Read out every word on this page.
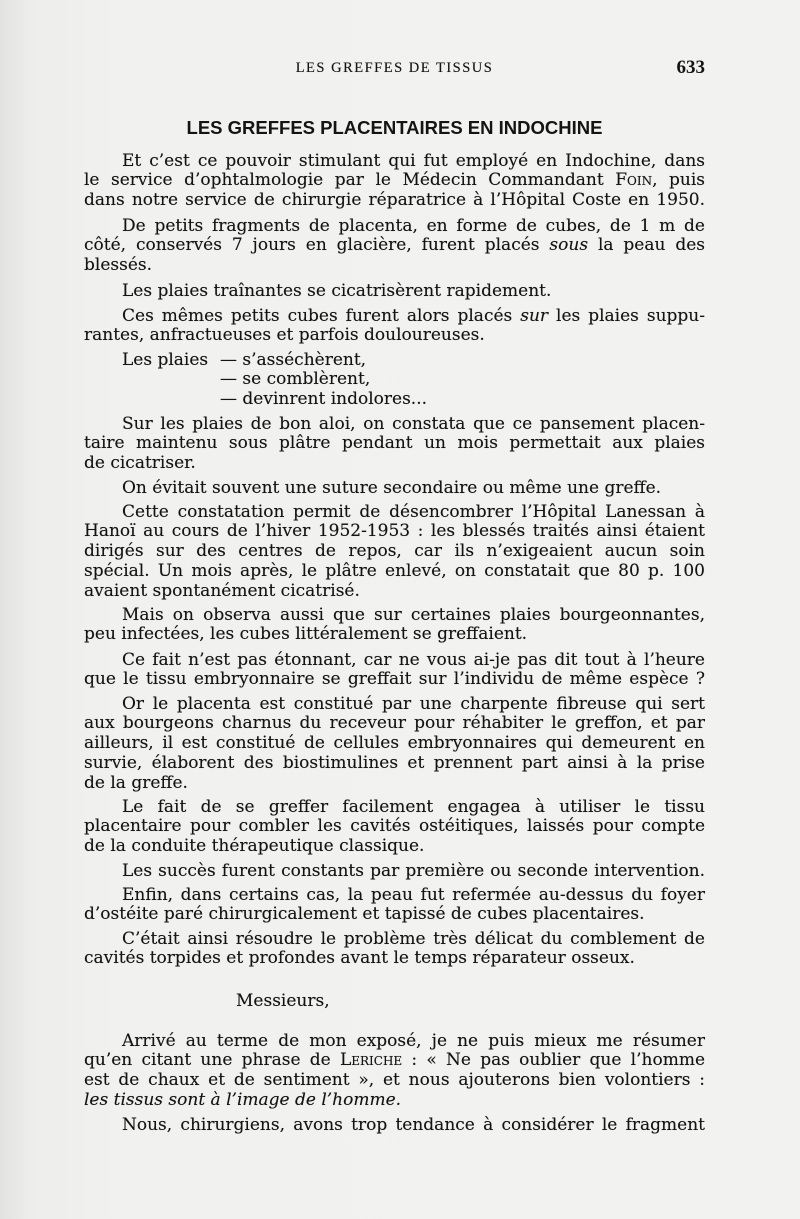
LES GREFFES DE TISSUS	633
LES GREFFES PLACENTAIRES EN INDOCHINE
Et c’est ce pouvoir stimulant qui fut employé en Indochine, dans
le service d’ophtalmologie par le Médecin Commandant Foin, puis
dans notre service de chirurgie réparatrice à l’Hôpital Coste en 1950.
De petits fragments de placenta, en forme de cubes, de 1 m de
côté, conservés 7 jours en glacière, furent placés sous la peau des
blessés.
Les plaies traînantes se cicatrisèrent rapidement.
Ces mêmes petits cubes furent alors placés sur les plaies suppu-
rantes, anfractueuses et parfois douloureuses.
Les plaies — s’asséchèrent,
— se comblèrent,
— devinrent indolores...
Sur les plaies de bon aloi, on constata que ce pansement placen-
taire maintenu sous plâtre pendant un mois permettait aux plaies
de cicatriser.
On évitait souvent une suture secondaire ou même une greffe.
Cette constatation permit de désencombrer l’Hôpital Lanessan à
Hanoï au cours de l’hiver 1952-1953 : les blessés traités ainsi étaient
dirigés sur des centres de repos, car ils n’exigeaient aucun soin
spécial. Un mois après, le plâtre enlevé, on constatait que 80 p. 100
avaient spontanément cicatrisé.
Mais on observa aussi que sur certaines plaies bourgeonnantes,
peu infectées, les cubes littéralement se greffaient.
Ce fait n’est pas étonnant, car ne vous ai-je pas dit tout à l’heure
que le tissu embryonnaire se greffait sur l’individu de même espèce ?
Or le placenta est constitué par une charpente fibreuse qui sert
aux bourgeons charnus du receveur pour réhabiter le greffon, et par
ailleurs, il est constitué de cellules embryonnaires qui demeurent en
survie, élaborent des biostimulines et prennent part ainsi à la prise
de la greffe.
Le fait de se greffer facilement engagea à utiliser le tissu
placentaire pour combler les cavités ostéitiques, laissés pour compte
de la conduite thérapeutique classique.
Les succès furent constants par première ou seconde intervention.
Enfin, dans certains cas, la peau fut refermée au-dessus du foyer
d’ostéite paré chirurgicalement et tapissé de cubes placentaires.
C’était ainsi résoudre le problème très délicat du comblement de
cavités torpides et profondes avant le temps réparateur osseux.
Messieurs,
Arrivé au terme de mon exposé, je ne puis mieux me résumer
qu’en citant une phrase de Leriche : « Ne pas oublier que l’homme
est de chaux et de sentiment », et nous ajouterons bien volontiers :
les tissus sont à l’image de l’homme.
Nous, chirurgiens, avons trop tendance à considérer le fragment
